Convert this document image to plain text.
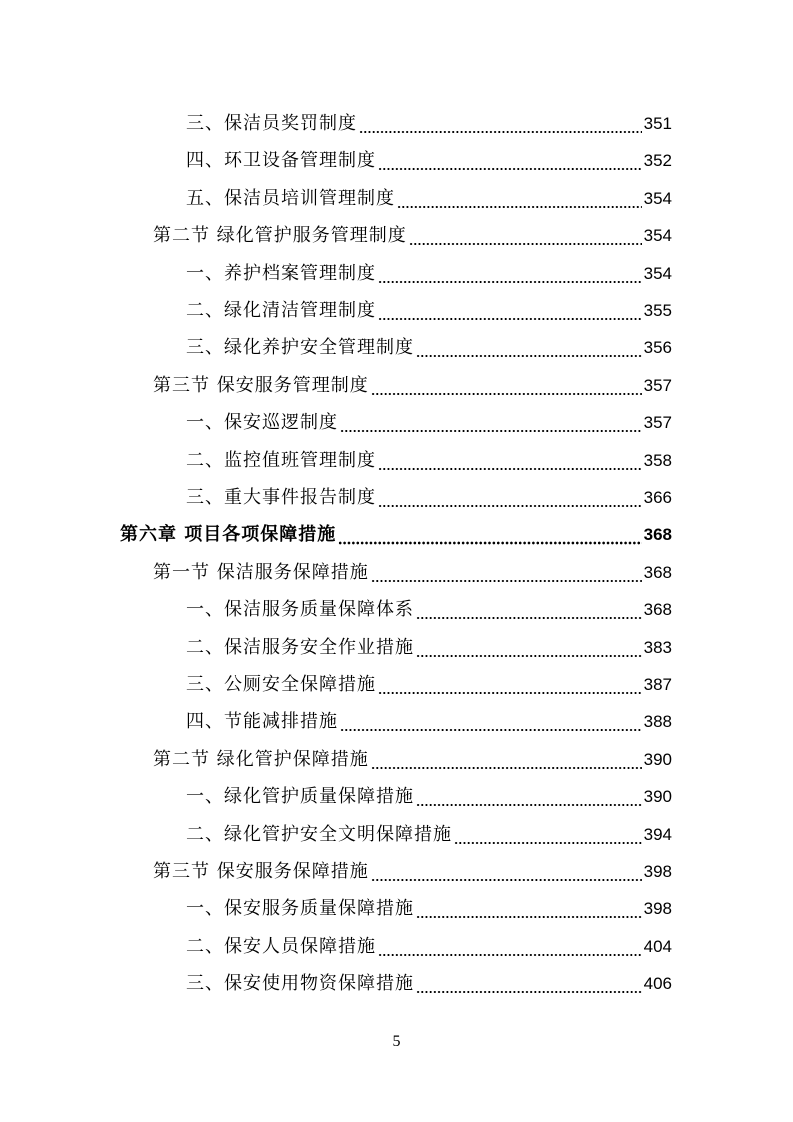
三、保洁员奖罚制度	351
四、环卫设备管理制度	352
五、保洁员培训管理制度	354
第二节 绿化管护服务管理制度	354
一、养护档案管理制度	354
二、绿化清洁管理制度	355
三、绿化养护安全管理制度	356
第三节 保安服务管理制度	357
一、保安巡逻制度	357
二、监控值班管理制度	358
三、重大事件报告制度	366
第六章 项目各项保障措施	368
第一节 保洁服务保障措施	368
一、保洁服务质量保障体系	368
二、保洁服务安全作业措施	383
三、公厕安全保障措施	387
四、节能减排措施	388
第二节 绿化管护保障措施	390
一、绿化管护质量保障措施	390
二、绿化管护安全文明保障措施	394
第三节 保安服务保障措施	398
一、保安服务质量保障措施	398
二、保安人员保障措施	404
三、保安使用物资保障措施	406
5
